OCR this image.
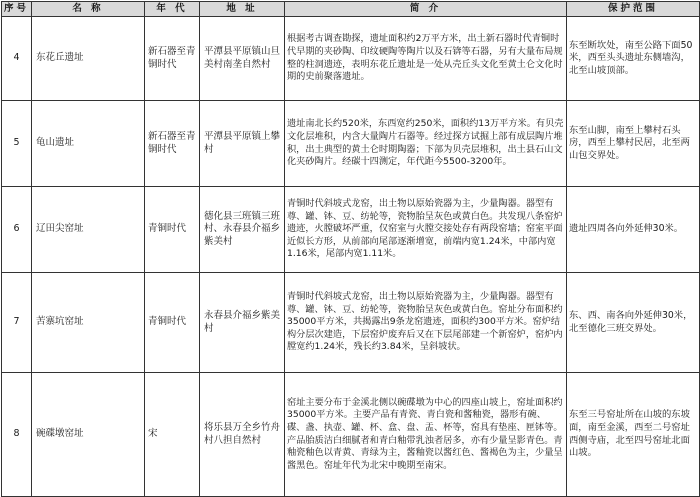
序号	名 称	年 代	地 址	简 介	保护范围
4	东花丘遗址	新石器至青铜时代	平潭县平原镇山旦美村南垄自然村	根据考古调查勘探，遗址面积约2万平方米，出土新石器时代青铜时代早期的夹砂陶、印纹硬陶等陶片以及石锛等石器，另有大量布局规整的柱洞遗迹，表明东花丘遗址是一处从壳丘头文化至黄土仑文化时期的史前聚落遗址。	东至断坎处，南至公路下面50米，西至头头遗址东侧墙沟，北至山坡顶部。
5	龟山遗址	新石器至青铜时代	平潭县平原镇上攀村	遗址南北长约520米，东西宽约250米，面积约13万平方米。有贝壳文化层堆积，内含大量陶片石器等。经过探方试掘上部有成层陶片堆积，出土典型的黄土仑时期陶器；下部为贝壳层堆积，出土县石山文化夹砂陶片。经碳十四测定，年代距今5500-3200年。	东至山脚，南至上攀村石头房，西至上攀村民居，北至两山包交界处。
6	辽田尖窑址	青铜时代	德化县三班镇三班村、永春县介福乡紫美村	青铜时代斜坡式龙窑，出土物以原始瓷器为主，少量陶器。器型有尊、罐、钵、豆、纺轮等，瓷物胎呈灰色或黄白色。共发现八条窑炉遗迹，火膛破坏严重，仅窑室与火膛交接处存有两段窑墙；窑室平面近似长方形，从前部向尾部逐渐增宽，前端内宽1.24米，中部内宽1.16米，尾部内宽1.11米。	遗址四周各向外延伸30米。
7	苦寨坑窑址	青铜时代	永春县介福乡紫美村	青铜时代斜坡式龙窑，出土物以原始瓷器为主，少量陶器。器型有尊、罐、钵、豆、纺轮等，瓷物胎呈灰色或黄白色。窑址分布面积约35000平方米，共揭露出9条龙窑遗迹，面积约300平方米。窑炉结构分层次建造，下层窑炉废弃后又在下层尾部建一个新窑炉，窑炉内膛宽约1.24米，残长约3.84米，呈斜坡状。	东、西、南各向外延伸30米，北至德化三班交界处。
8	碗碟墩窑址	宋	将乐县万全乡竹舟村八担自然村	窑址主要分布于金溪北侧以碗碟墩为中心的四座山坡上，窑址面积约35000平方米。主要产品有青瓷、青白瓷和酱釉瓷，器形有碗、碟、盏、执壶、罐、杯、盒、盘、盂、杯等，窑具有垫座、匣钵等。产品胎质洁白细腻者和青白釉带乳浊者居多，亦有少量呈影青色。青釉瓷釉色以青黄、青绿为主，酱釉瓷以酱红色、酱褐色为主，少量呈酱黑色。窑址年代为北宋中晚期至南宋。	东至三号窑址所在山坡的东坡面，南至金溪，西至二号窑址西侧寺庙，北至四号窑址北面山坡。
